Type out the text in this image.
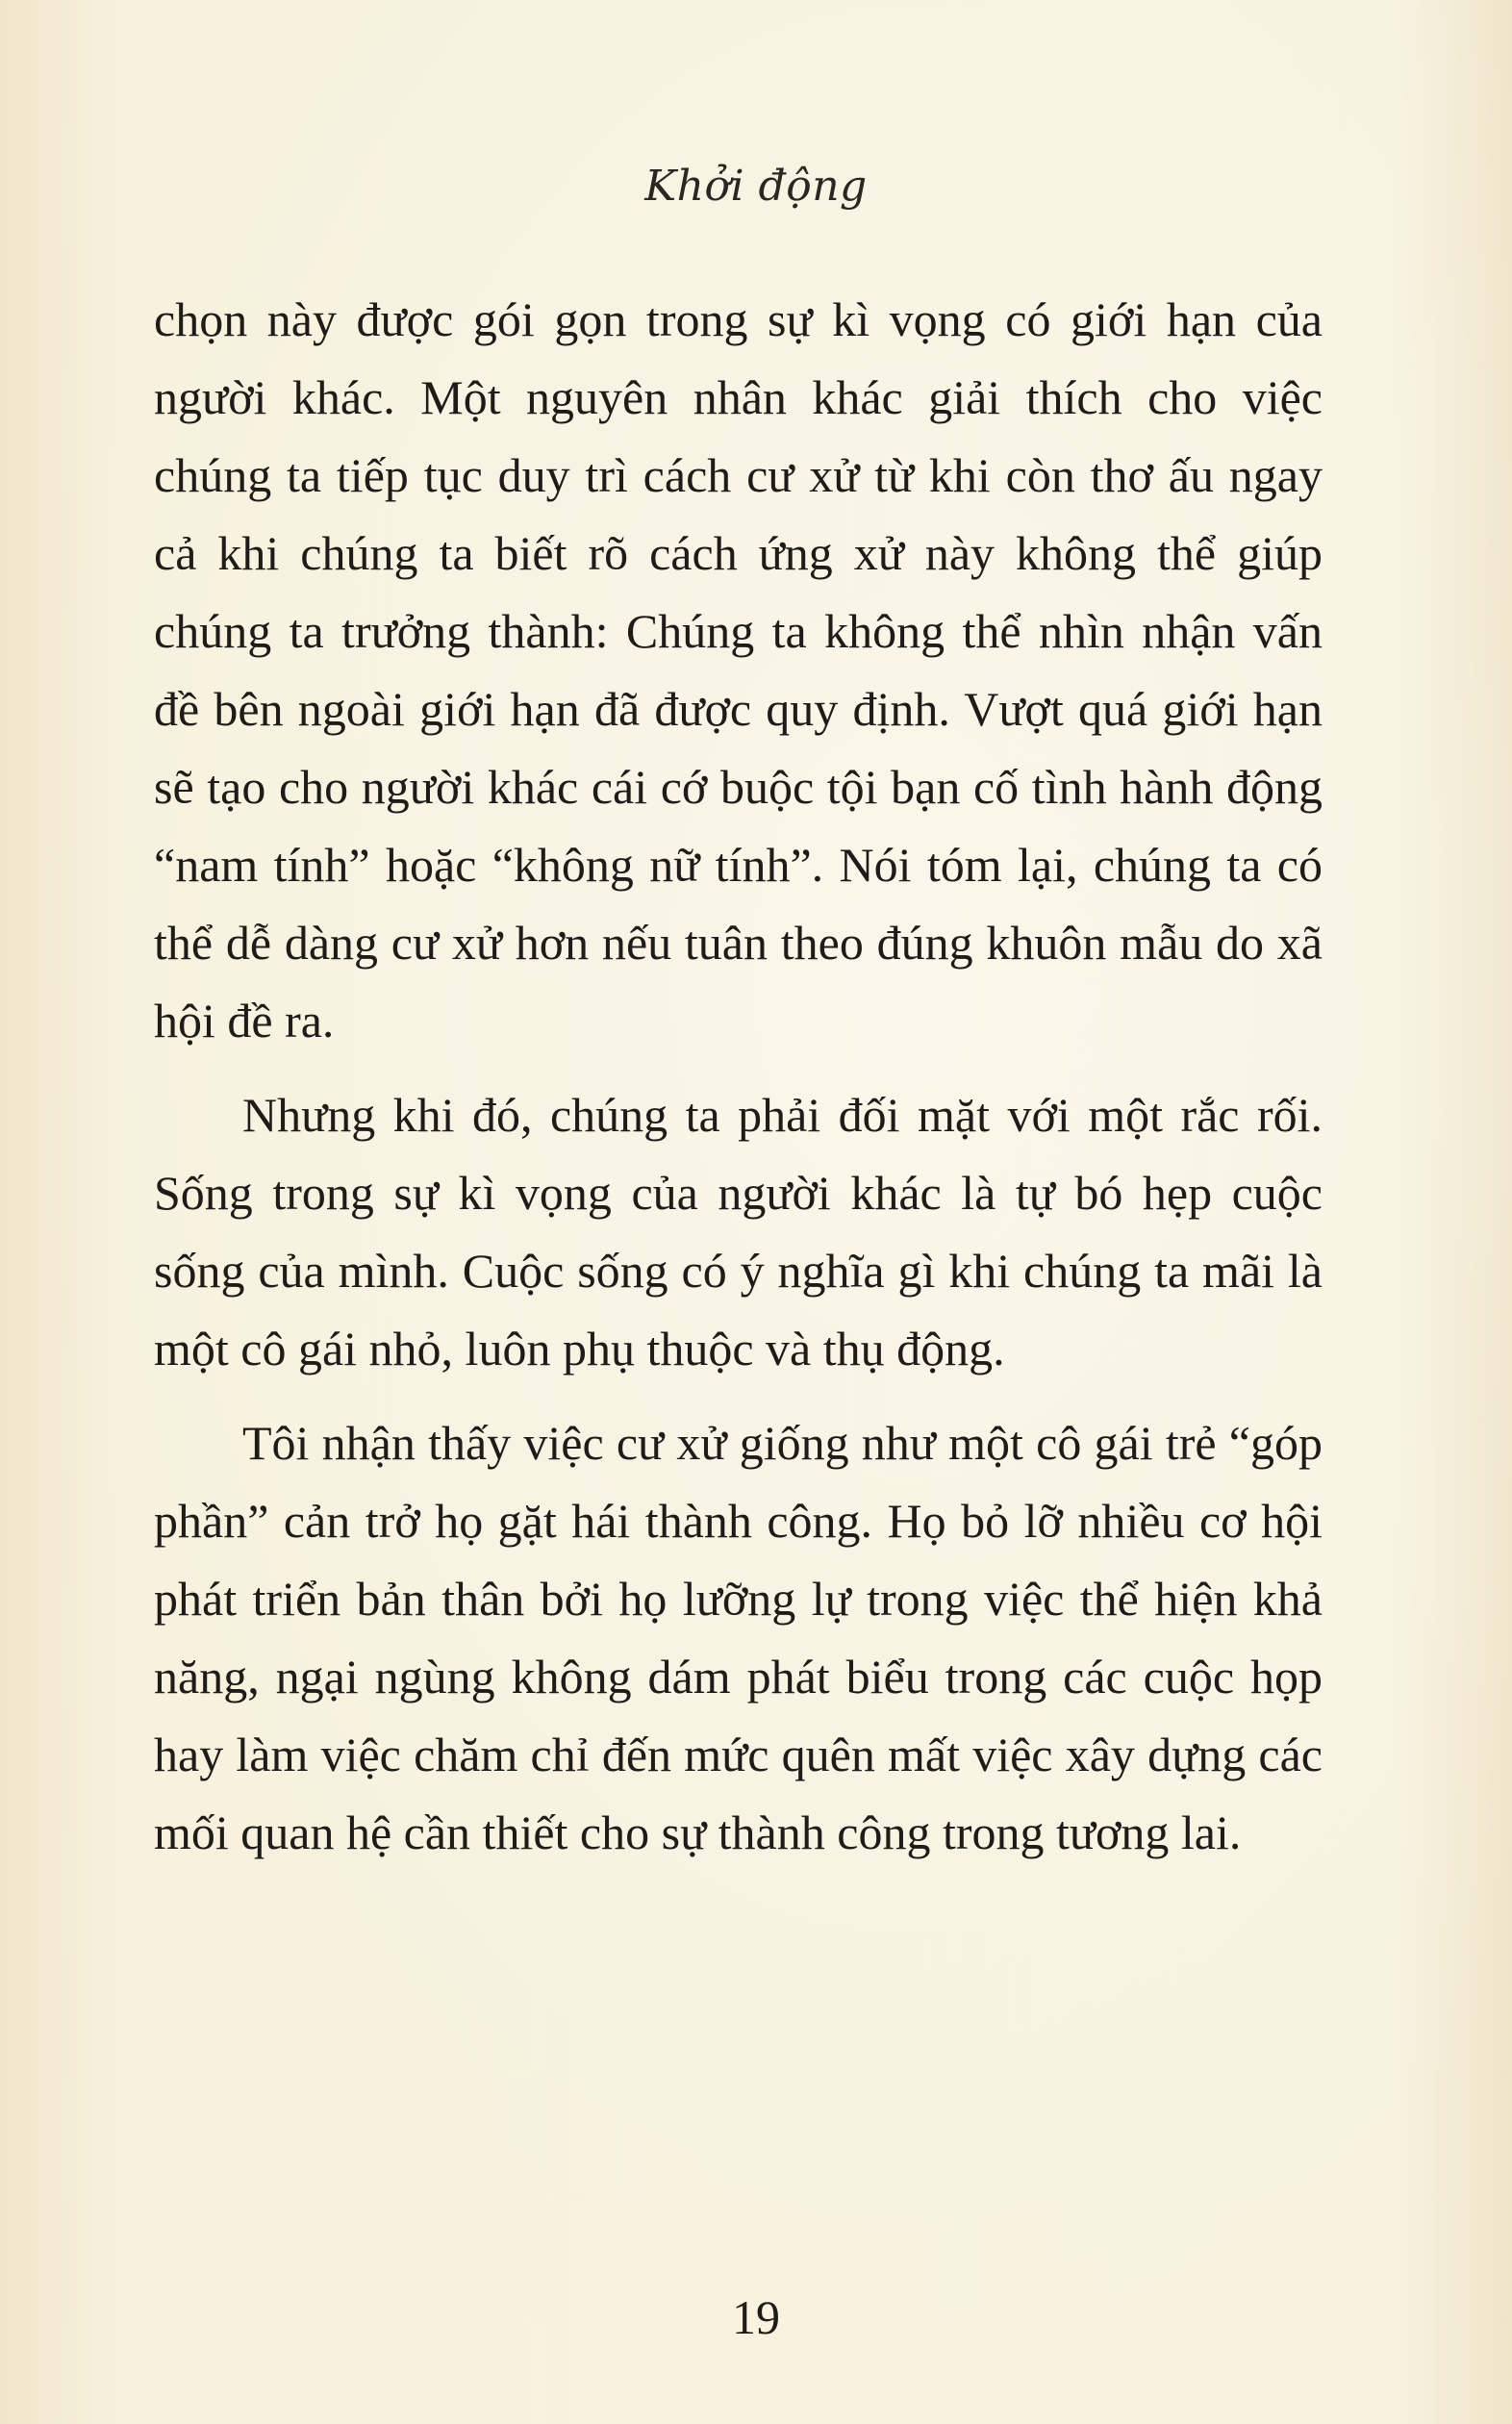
Khởi động

chọn này được gói gọn trong sự kì vọng có giới hạn của người khác. Một nguyên nhân khác giải thích cho việc chúng ta tiếp tục duy trì cách cư xử từ khi còn thơ ấu ngay cả khi chúng ta biết rõ cách ứng xử này không thể giúp chúng ta trưởng thành: Chúng ta không thể nhìn nhận vấn đề bên ngoài giới hạn đã được quy định. Vượt quá giới hạn sẽ tạo cho người khác cái cớ buộc tội bạn cố tình hành động “nam tính” hoặc “không nữ tính”. Nói tóm lại, chúng ta có thể dễ dàng cư xử hơn nếu tuân theo đúng khuôn mẫu do xã hội đề ra.

Nhưng khi đó, chúng ta phải đối mặt với một rắc rối. Sống trong sự kì vọng của người khác là tự bó hẹp cuộc sống của mình. Cuộc sống có ý nghĩa gì khi chúng ta mãi là một cô gái nhỏ, luôn phụ thuộc và thụ động.

Tôi nhận thấy việc cư xử giống như một cô gái trẻ “góp phần” cản trở họ gặt hái thành công. Họ bỏ lỡ nhiều cơ hội phát triển bản thân bởi họ lưỡng lự trong việc thể hiện khả năng, ngại ngùng không dám phát biểu trong các cuộc họp hay làm việc chăm chỉ đến mức quên mất việc xây dựng các mối quan hệ cần thiết cho sự thành công trong tương lai.

19
